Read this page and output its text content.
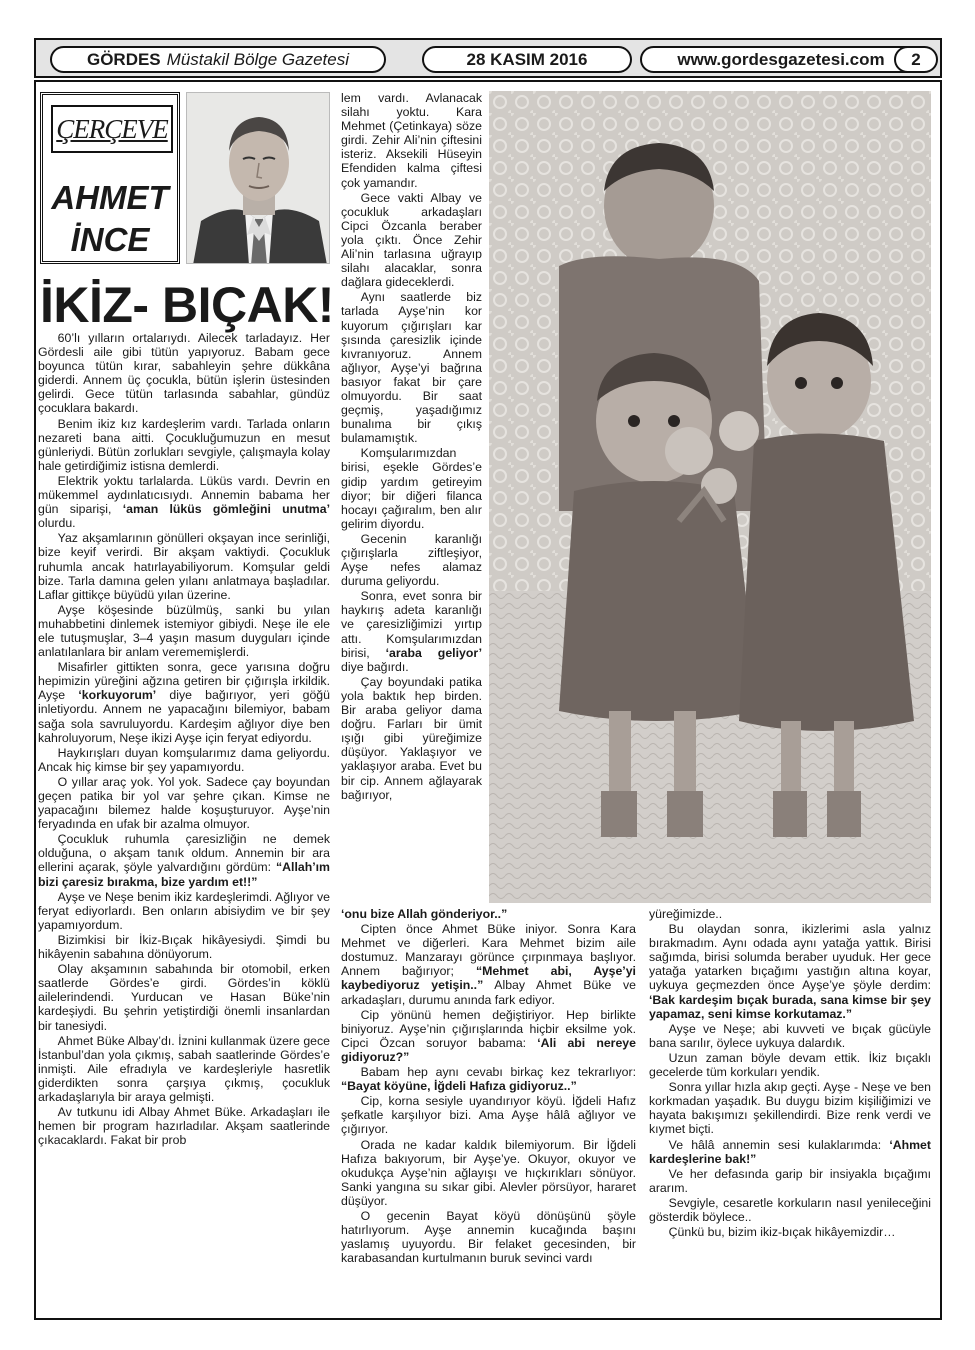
GÖRDES Müstakil Bölge Gazetesi	28 KASIM 2016	www.gordesgazetesi.com	2
ÇERÇEVE
AHMET
İNCE
İKİZ- BIÇAK!

60’lı yılların ortalarıydı. Ailecek tarladayız. Her Gördesli aile gibi tütün yapıyoruz. Babam gece boyunca tütün kırar, sabahleyin şehre dükkâna giderdi. Annem üç çocukla, bütün işlerin üstesinden gelirdi. Gece tütün tarlasında sabahlar, gündüz çocuklara bakardı.

Benim ikiz kız kardeşlerim vardı. Tarlada onların nezareti bana aitti. Çocukluğumuzun en mesut günleriydi. Bütün zorlukları sevgiyle, çalışmayla kolay hale getirdiğimiz istisna demlerdi.

Elektrik yoktu tarlalarda. Lüküs vardı. Devrin en mükemmel aydınlatıcısıydı. Annemin babama her gün siparişi, ‘aman lüküs gömleğini unutma’ olurdu.

Yaz akşamlarının gönülleri okşayan ince serinliği, bize keyif verirdi. Bir akşam vaktiydi. Çocukluk ruhumla ancak hatırlayabiliyorum. Komşular geldi bize. Tarla damına gelen yılanı anlatmaya başladılar. Laflar gittikçe büyüdü yılan üzerine.

Ayşe köşesinde büzülmüş, sanki bu yılan muhabbetini dinlemek istemiyor gibiydi. Neşe ile ele ele tutuşmuşlar, 3–4 yaşın masum duyguları içinde anlatılanlara bir anlam verememişlerdi.

Misafirler gittikten sonra, gece yarısına doğru hepimizin yüreğini ağzına getiren bir çığırışla irkildik. Ayşe ‘korkuyorum’ diye bağırıyor, yeri göğü inletiyordu. Annem ne yapacağını bilemiyor, babam sağa sola savruluyordu. Kardeşim ağlıyor diye ben kahroluyorum, Neşe ikizi Ayşe için feryat ediyordu.

Haykırışları duyan komşularımız dama geliyordu. Ancak hiç kimse bir şey yapamıyordu.

O yıllar araç yok. Yol yok. Sadece çay boyundan geçen patika bir yol var şehre çıkan. Kimse ne yapacağını bilemez halde koşuşturuyor. Ayşe’nin feryadında en ufak bir azalma olmuyor.

Çocukluk ruhumla çaresizliğin ne demek olduğuna, o akşam tanık oldum. Annemin bir ara ellerini açarak, şöyle yalvardığını gördüm: “Allah’ım bizi çaresiz bırakma, bize yardım et!!”

Ayşe ve Neşe benim ikiz kardeşlerimdi. Ağlıyor ve feryat ediyorlardı. Ben onların abisiydim ve bir şey yapamıyordum.

Bizimkisi bir İkiz-Bıçak hikâyesiydi. Şimdi bu hikâyenin sabahına dönüyorum.

Olay akşamının sabahında bir otomobil, erken saatlerde Gördes’e girdi. Gördes’in köklü ailelerindendi. Yurducan ve Hasan Büke’nin kardeşiydi. Bu şehrin yetiştirdiği önemli insanlardan bir tanesiydi.

Ahmet Büke Albay’dı. İznini kullanmak üzere gece İstanbul’dan yola çıkmış, sabah saatlerinde Gördes’e inmişti. Aile efradıyla ve kardeşleriyle hasretlik giderdikten sonra çarşıya çıkmış, çocukluk arkadaşlarıyla bir araya gelmişti.

Av tutkunu idi Albay Ahmet Büke. Arkadaşları ile hemen bir program hazırladılar. Akşam saatlerinde çıkacaklardı. Fakat bir prob

lem vardı. Avlanacak silahı yoktu. Kara Mehmet (Çetinkaya) söze girdi. Zehir Ali’nin çiftesini isteriz. Aksekili Hüseyin Efendiden kalma çiftesi çok yamandır.

Gece vakti Albay ve çocukluk arkadaşları Cipci Özcanla beraber yola çıktı. Önce Zehir Ali’nin tarlasına uğrayıp silahı alacaklar, sonra dağlara gideceklerdi.

Aynı saatlerde biz tarlada Ayşe’nin kor kuyorum çığırışları kar şısında çaresizlik içinde kıvranıyoruz. Annem ağlıyor, Ayşe’yi bağrına basıyor fakat bir çare olmuyordu. Bir saat geçmiş, yaşadığımız bunalıma bir çıkış bulamamıştık.

Komşularımızdan birisi, eşekle Gördes’e gidip yardım getireyim diyor; bir diğeri filanca hocayı çağıralım, ben alır gelirim diyordu.

Gecenin karanlığı çığırışlarla ziftleşiyor, Ayşe nefes alamaz duruma geliyordu.

Sonra, evet sonra bir haykırış adeta karanlığı ve çaresizliğimizi yırtıp attı. Komşularımızdan birisi, ‘araba geliyor’ diye bağırdı.

Çay boyundaki patika yola baktık hep birden. Bir araba geliyor dama doğru. Farları bir ümit ışığı gibi yüreğimize düşüyor. Yaklaşıyor ve yaklaşıyor araba. Evet bu bir cip. Annem ağlayarak bağırıyor,

‘onu bize Allah gönderiyor..”

Cipten önce Ahmet Büke iniyor. Sonra Kara Mehmet ve diğerleri. Kara Mehmet bizim aile dostumuz. Manzarayı görünce çırpınmaya başlıyor. Annem bağırıyor; “Mehmet abi, Ayşe’yi kaybediyoruz yetişin..” Albay Ahmet Büke ve arkadaşları, durumu anında fark ediyor.

Cip yönünü hemen değiştiriyor. Hep birlikte biniyoruz. Ayşe’nin çığırışlarında hiçbir eksilme yok. Cipci Özcan soruyor babama: ‘Ali abi nereye gidiyoruz?”

Babam hep aynı cevabı birkaç kez tekrarlıyor: “Bayat köyüne, İğdeli Hafıza gidiyoruz..”

Cip, korna sesiyle uyandırıyor köyü. İğdeli Hafız şefkatle karşılıyor bizi. Ama Ayşe hâlâ ağlıyor ve çığırıyor.

Orada ne kadar kaldık bilemiyorum. Bir İğdeli Hafıza bakıyorum, bir Ayşe’ye. Okuyor, okuyor ve okudukça Ayşe’nin ağlayışı ve hıçkırıkları sönüyor. Sanki yangına su sıkar gibi. Alevler pörsüyor, hararet düşüyor.

O gecenin Bayat köyü dönüşünü şöyle hatırlıyorum. Ayşe annemin kucağında başını yaslamış uyuyordu. Bir felaket gecesinden, bir karabasandan kurtulmanın buruk sevinci vardı

yüreğimizde..

Bu olaydan sonra, ikizlerimi asla yalnız bırakmadım. Aynı odada aynı yatağa yattık. Birisi sağımda, birisi solumda beraber uyuduk. Her gece yatağa yatarken bıçağımı yastığın altına koyar, uykuya geçmezden önce Ayşe’ye şöyle derdim: ‘Bak kardeşim bıçak burada, sana kimse bir şey yapamaz, seni kimse korkutamaz.”

Ayşe ve Neşe; abi kuvveti ve bıçak gücüyle bana sarılır, öylece uykuya dalardık.

Uzun zaman böyle devam ettik. İkiz bıçaklı gecelerde tüm korkuları yendik.

Sonra yıllar hızla akıp geçti. Ayşe - Neşe ve ben korkmadan yaşadık. Bu duygu bizim kişiliğimizi ve hayata bakışımızı şekillendirdi. Bize renk verdi ve kıymet biçti.

Ve hâlâ annemin sesi kulaklarımda: ‘Ahmet kardeşlerine bak!”

Ve her defasında garip bir insiyakla bıçağımı ararım.

Sevgiyle, cesaretle korkuların nasıl yenileceğini gösterdik böylece..

Çünkü bu, bizim ikiz-bıçak hikâyemizdir…
